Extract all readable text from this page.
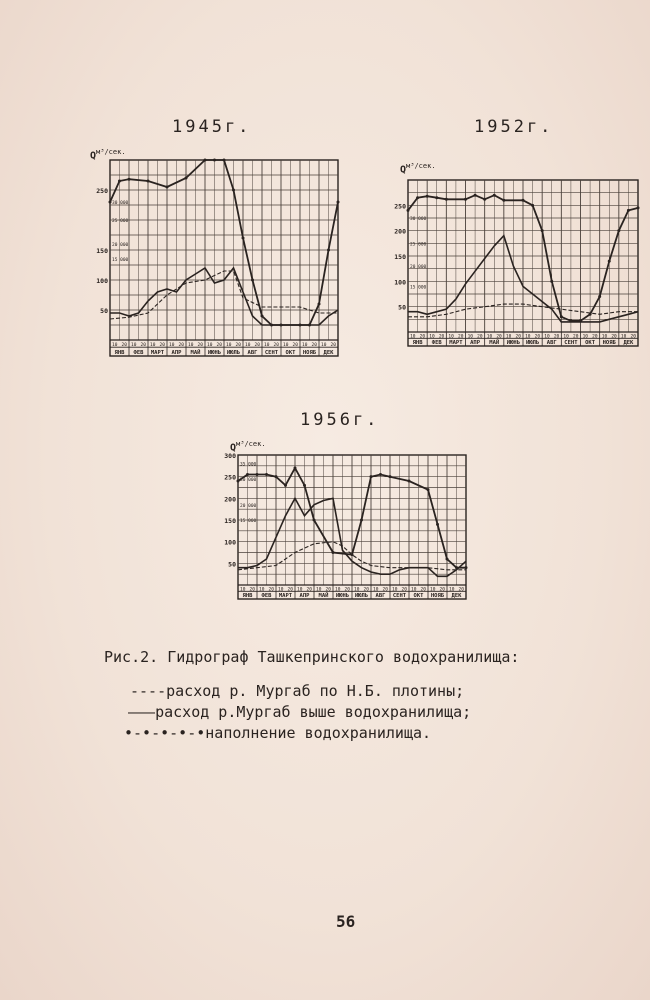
1945г.
$Q^{м^3/сек.}$
10 20 10 20 10 20 10 20 10 20 10 20 10 20 10 20 10 20 10 20 10 20 10 20
ЯНВ ФЕВ МАРТ АПР МАЙ ИЮНЬ ИЮЛЬ АВГ СЕНТ ОКТ НОЯБ ДЕК
250
150
100
50
30 000
25 000
20 000
15 000
1952г.
$Q^{м^3/сек.}$
10 20 10 20 10 20 10 20 10 20 10 20 10 20 10 20 10 20 10 20 10 20 10 20
ЯНВ ФЕВ МАРТ АПР МАЙ ИЮНЬ ИЮЛЬ АВГ СЕНТ ОКТ НОЯБ ДЕК
250
200
150
100
50
30 000
25 000
20 000
15 000
1956г.
$Q^{м^3/сек.}$
10 20 10 20 10 20 10 20 10 20 10 20 10 20 10 20 10 20 10 20 10 20 10 20
ЯНВ ФЕВ МАРТ АПР МАЙ ИЮНЬ ИЮЛЬ АВГ СЕНТ ОКТ НОЯБ ДЕК
300
250
200
150
100
50
35 000
30 000
20 000
15 000
Рис.2. Гидрограф Ташкепринского водохранилища:
----расход р. Мургаб по Н.Б. плотины;
———расход р.Мургаб выше водохранилища;
•-•-•-•-•наполнение водохранилища.
56
